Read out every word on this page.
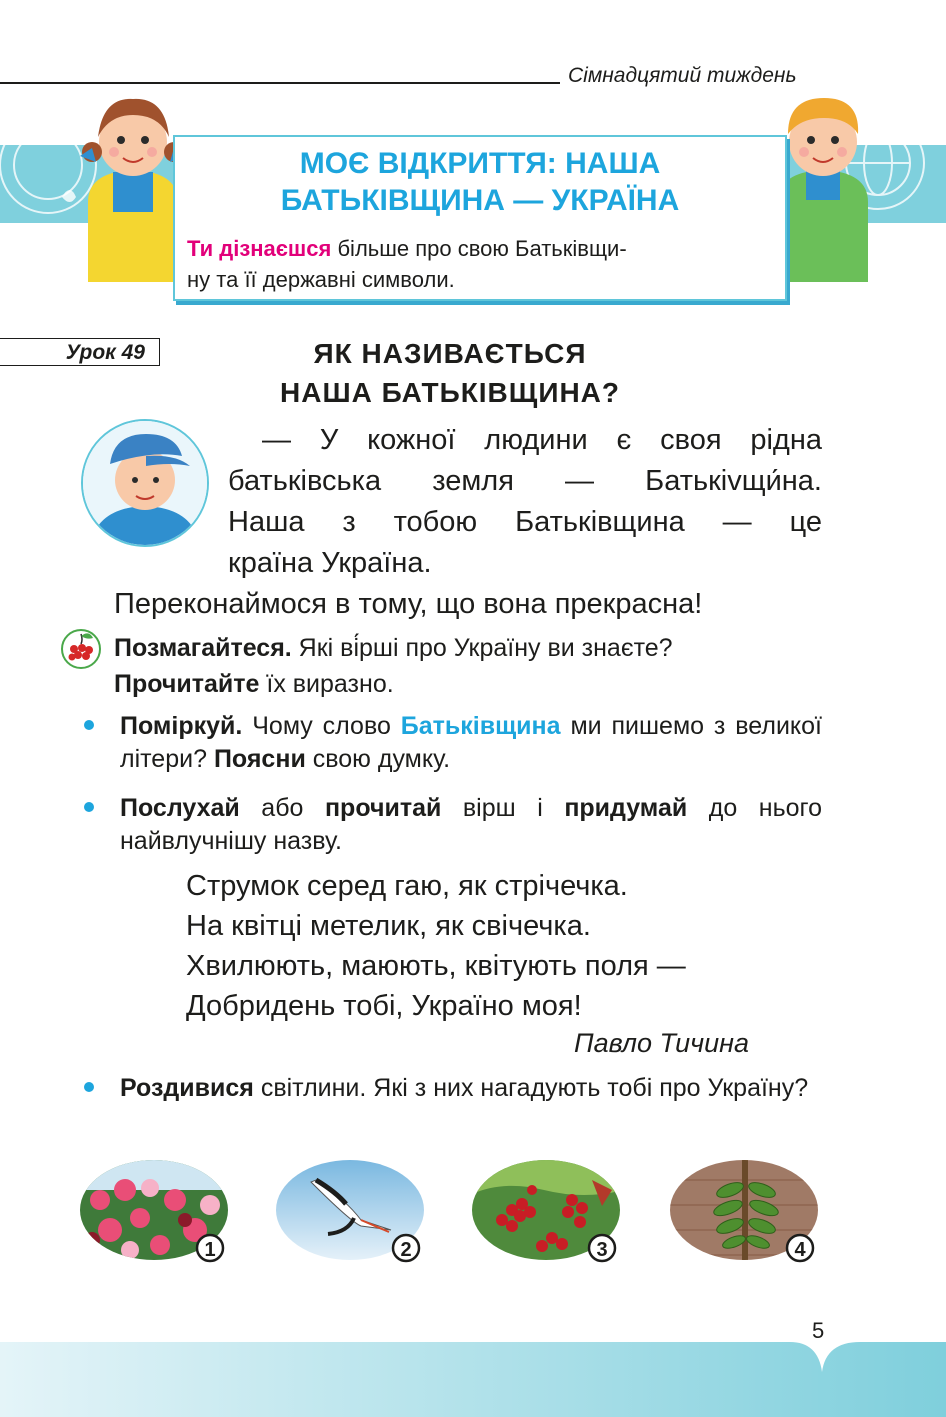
Сімнадцятий тиждень
МОЄ ВІДКРИТТЯ: НАША
БАТЬКІВЩИНА — УКРАЇНА
Ти дізнаєшся більше про свою Батьківщи-
ну та її державні символи.
Урок 49	ЯК НАЗИВАЄТЬСЯ
НАША БАТЬКІВЩИНА?
— У кожної людини є своя рідна
батьківська земля — Батькivщи́на.
Наша з тобою Батьківщина — це
країна Україна.
Переконаймося в тому, що вона прекрасна!
Позмагайтеся. Які ві́рші про Україну ви знаєте?
Прочитайте їх виразно.
Поміркуй. Чому слово Батьківщина ми пишемо з великої літери? Поясни свою думку.
Послухай або прочитай вірш і придумай до нього найвлучнішу назву.
Струмок серед гаю, як стрічечка.
На квітці метелик, як свічечка.
Хвилюють, маюють, квітують поля —
Добридень тобі, Україно моя!
Павло Тичина
Роздивися світлини. Які з них нагадують тобі про Україну?
1	2	3	4
5
